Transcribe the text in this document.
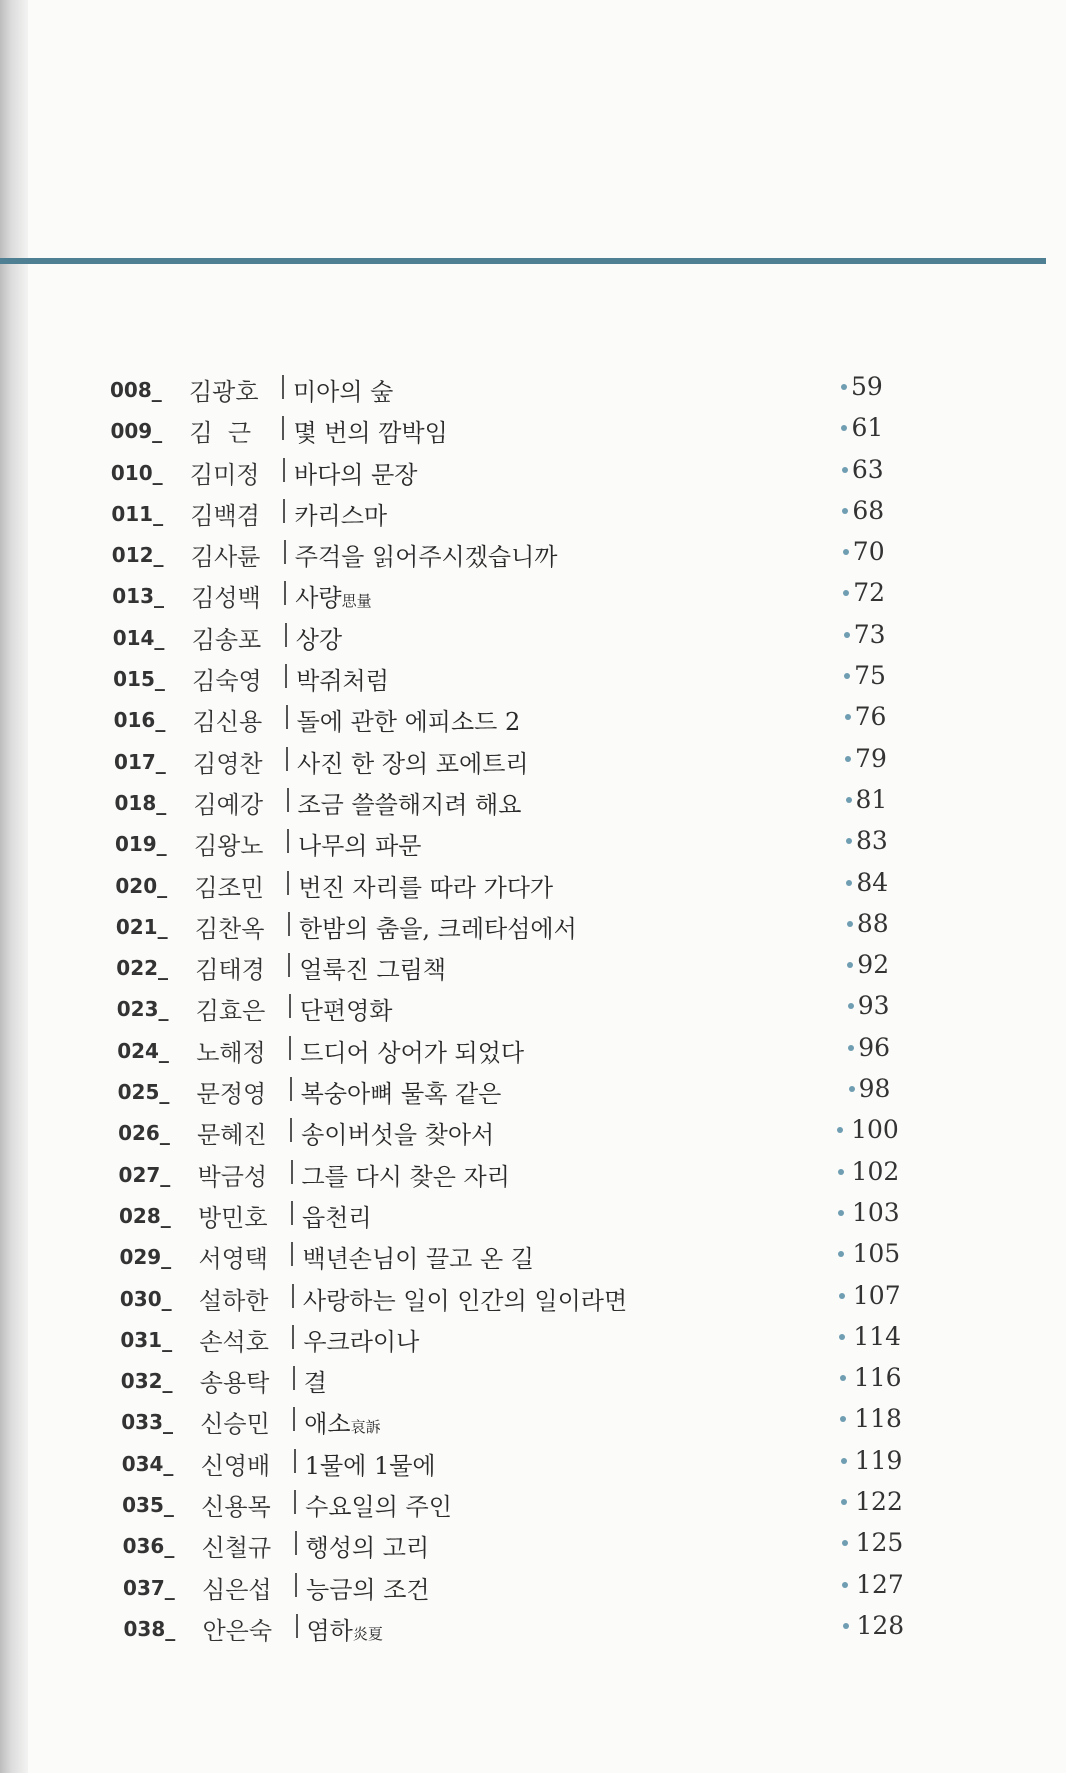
008_ 김광호 미아의 숲	59
009_ 김  근 몇 번의 깜박임	61
010_ 김미정 바다의 문장	63
011_ 김백겸 카리스마	68
012_ 김사륜 주걱을 읽어주시겠습니까	70
013_ 김성백 사량思量	72
014_ 김송포 상강	73
015_ 김숙영 박쥐처럼	75
016_ 김신용 돌에 관한 에피소드 2	76
017_ 김영찬 사진 한 장의 포에트리	79
018_ 김예강 조금 쓸쓸해지려 해요	81
019_ 김왕노 나무의 파문	83
020_ 김조민 번진 자리를 따라 가다가	84
021_ 김찬옥 한밤의 춤을, 크레타섬에서	88
022_ 김태경 얼룩진 그림책	92
023_ 김효은 단편영화	93
024_ 노해정 드디어 상어가 되었다	96
025_ 문정영 복숭아뼈 물혹 같은	98
026_ 문혜진 송이버섯을 찾아서	100
027_ 박금성 그를 다시 찾은 자리	102
028_ 방민호 읍천리	103
029_ 서영택 백년손님이 끌고 온 길	105
030_ 설하한 사랑하는 일이 인간의 일이라면	107
031_ 손석호 우크라이나	114
032_ 송용탁 결	116
033_ 신승민 애소哀訴	118
034_ 신영배 1물에 1물에	119
035_ 신용목 수요일의 주인	122
036_ 신철규 행성의 고리	125
037_ 심은섭 능금의 조건	127
038_ 안은숙 염하炎夏	128
